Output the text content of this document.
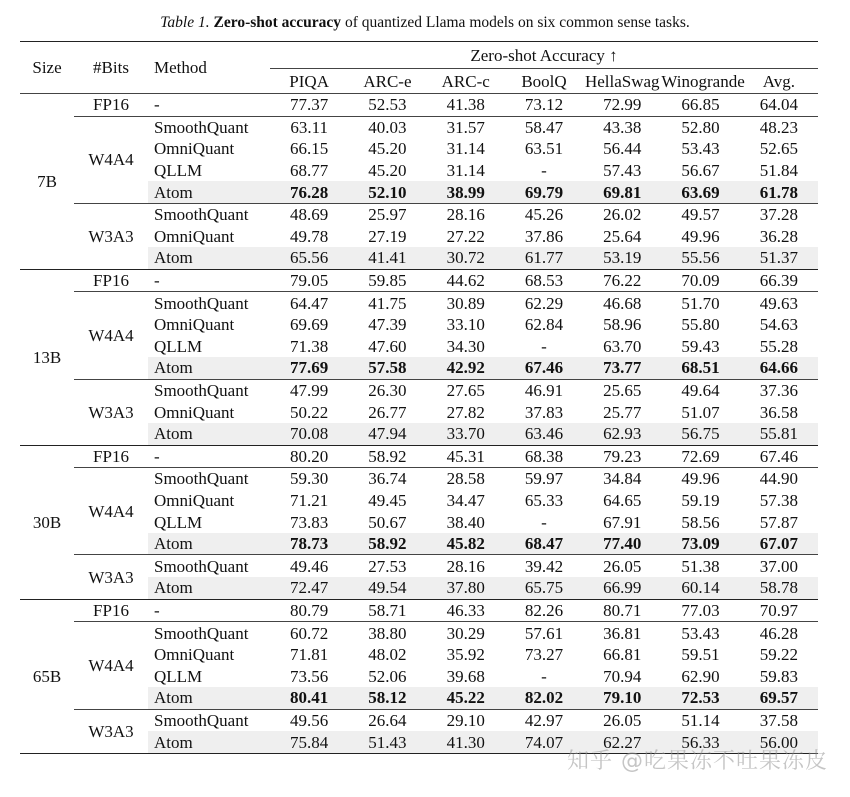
Table 1. Zero-shot accuracy of quantized Llama models on six common sense tasks.
Size	#Bits	Method	Zero-shot Accuracy ↑						
			PIQA	ARC-e	ARC-c	BoolQ	HellaSwag	Winogrande	Avg.
7B	FP16	-	77.37	52.53	41.38	73.12	72.99	66.85	64.04
	W4A4	SmoothQuant	63.11	40.03	31.57	58.47	43.38	52.80	48.23
		OmniQuant	66.15	45.20	31.14	63.51	56.44	53.43	52.65
		QLLM	68.77	45.20	31.14	-	57.43	56.67	51.84
		Atom	76.28	52.10	38.99	69.79	69.81	63.69	61.78
	W3A3	SmoothQuant	48.69	25.97	28.16	45.26	26.02	49.57	37.28
		OmniQuant	49.78	27.19	27.22	37.86	25.64	49.96	36.28
		Atom	65.56	41.41	30.72	61.77	53.19	55.56	51.37
13B	FP16	-	79.05	59.85	44.62	68.53	76.22	70.09	66.39
	W4A4	SmoothQuant	64.47	41.75	30.89	62.29	46.68	51.70	49.63
		OmniQuant	69.69	47.39	33.10	62.84	58.96	55.80	54.63
		QLLM	71.38	47.60	34.30	-	63.70	59.43	55.28
		Atom	77.69	57.58	42.92	67.46	73.77	68.51	64.66
	W3A3	SmoothQuant	47.99	26.30	27.65	46.91	25.65	49.64	37.36
		OmniQuant	50.22	26.77	27.82	37.83	25.77	51.07	36.58
		Atom	70.08	47.94	33.70	63.46	62.93	56.75	55.81
30B	FP16	-	80.20	58.92	45.31	68.38	79.23	72.69	67.46
	W4A4	SmoothQuant	59.30	36.74	28.58	59.97	34.84	49.96	44.90
		OmniQuant	71.21	49.45	34.47	65.33	64.65	59.19	57.38
		QLLM	73.83	50.67	38.40	-	67.91	58.56	57.87
		Atom	78.73	58.92	45.82	68.47	77.40	73.09	67.07
	W3A3	SmoothQuant	49.46	27.53	28.16	39.42	26.05	51.38	37.00
		Atom	72.47	49.54	37.80	65.75	66.99	60.14	58.78
65B	FP16	-	80.79	58.71	46.33	82.26	80.71	77.03	70.97
	W4A4	SmoothQuant	60.72	38.80	30.29	57.61	36.81	53.43	46.28
		OmniQuant	71.81	48.02	35.92	73.27	66.81	59.51	59.22
		QLLM	73.56	52.06	39.68	-	70.94	62.90	59.83
		Atom	80.41	58.12	45.22	82.02	79.10	72.53	69.57
	W3A3	SmoothQuant	49.56	26.64	29.10	42.97	26.05	51.14	37.58
		Atom	75.84	51.43	41.30	74.07	62.27	56.33	56.00
知乎 @吃果冻不吐果冻皮
